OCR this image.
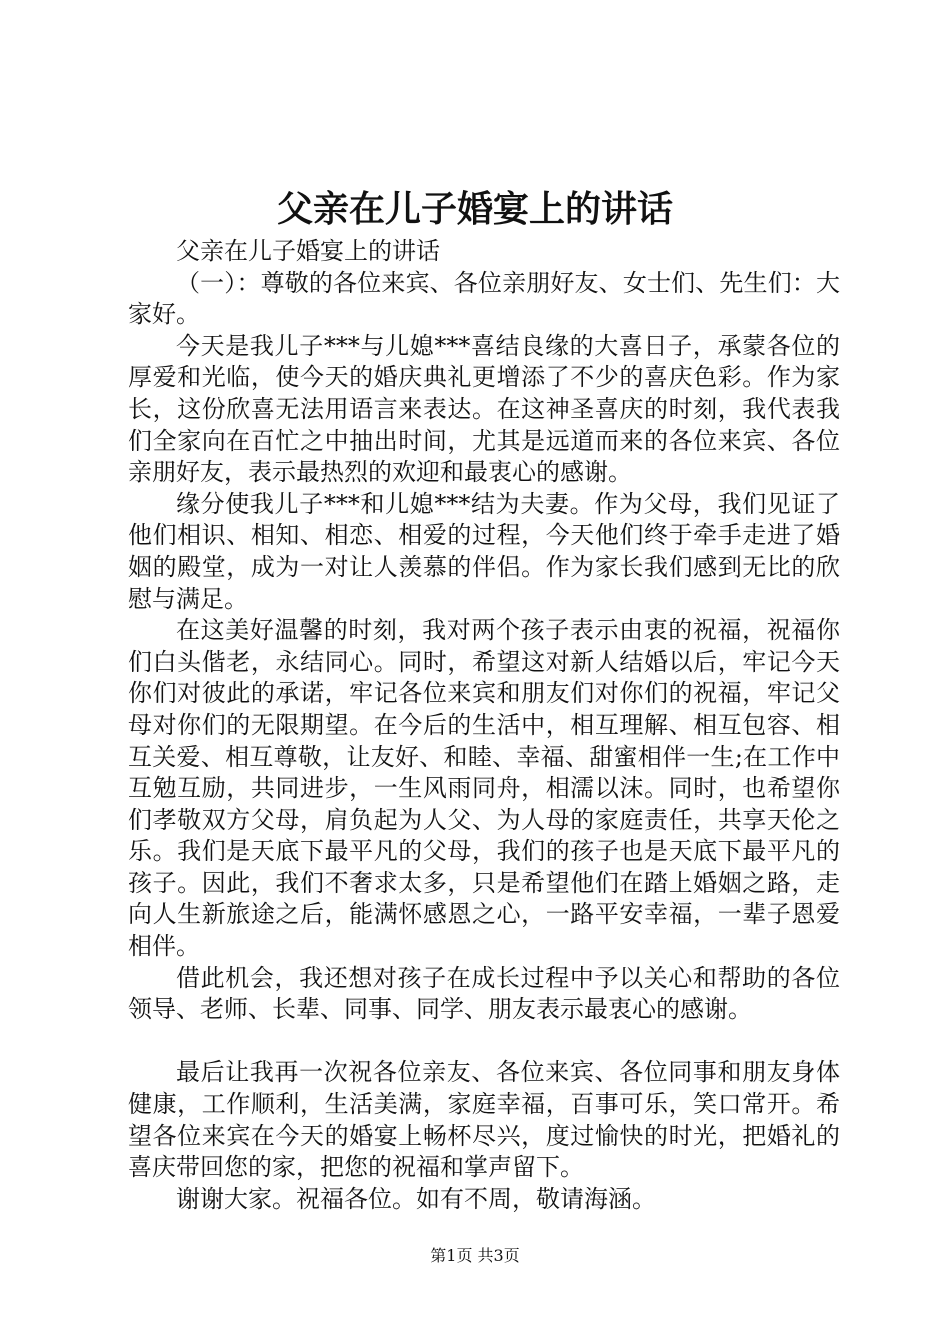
父亲在儿子婚宴上的讲话

父亲在儿子婚宴上的讲话

（一）：尊敬的各位来宾、各位亲朋好友、女士们、先生们：大家好。

今天是我儿子***与儿媳***喜结良缘的大喜日子，承蒙各位的厚爱和光临，使今天的婚庆典礼更增添了不少的喜庆色彩。作为家长，这份欣喜无法用语言来表达。在这神圣喜庆的时刻，我代表我们全家向在百忙之中抽出时间，尤其是远道而来的各位来宾、各位亲朋好友，表示最热烈的欢迎和最衷心的感谢。

缘分使我儿子***和儿媳***结为夫妻。作为父母，我们见证了他们相识、相知、相恋、相爱的过程，今天他们终于牵手走进了婚姻的殿堂，成为一对让人羡慕的伴侣。作为家长我们感到无比的欣慰与满足。

在这美好温馨的时刻，我对两个孩子表示由衷的祝福，祝福你们白头偕老，永结同心。同时，希望这对新人结婚以后，牢记今天你们对彼此的承诺，牢记各位来宾和朋友们对你们的祝福，牢记父母对你们的无限期望。在今后的生活中，相互理解、相互包容、相互关爱、相互尊敬，让友好、和睦、幸福、甜蜜相伴一生;在工作中互勉互励，共同进步，一生风雨同舟，相濡以沫。同时，也希望你们孝敬双方父母，肩负起为人父、为人母的家庭责任，共享天伦之乐。我们是天底下最平凡的父母，我们的孩子也是天底下最平凡的孩子。因此，我们不奢求太多，只是希望他们在踏上婚姻之路，走向人生新旅途之后，能满怀感恩之心，一路平安幸福，一辈子恩爱相伴。

借此机会，我还想对孩子在成长过程中予以关心和帮助的各位领导、老师、长辈、同事、同学、朋友表示最衷心的感谢。

最后让我再一次祝各位亲友、各位来宾、各位同事和朋友身体健康，工作顺利，生活美满，家庭幸福，百事可乐，笑口常开。希望各位来宾在今天的婚宴上畅杯尽兴，度过愉快的时光，把婚礼的喜庆带回您的家，把您的祝福和掌声留下。

谢谢大家。祝福各位。如有不周，敬请海涵。

第1页 共3页
